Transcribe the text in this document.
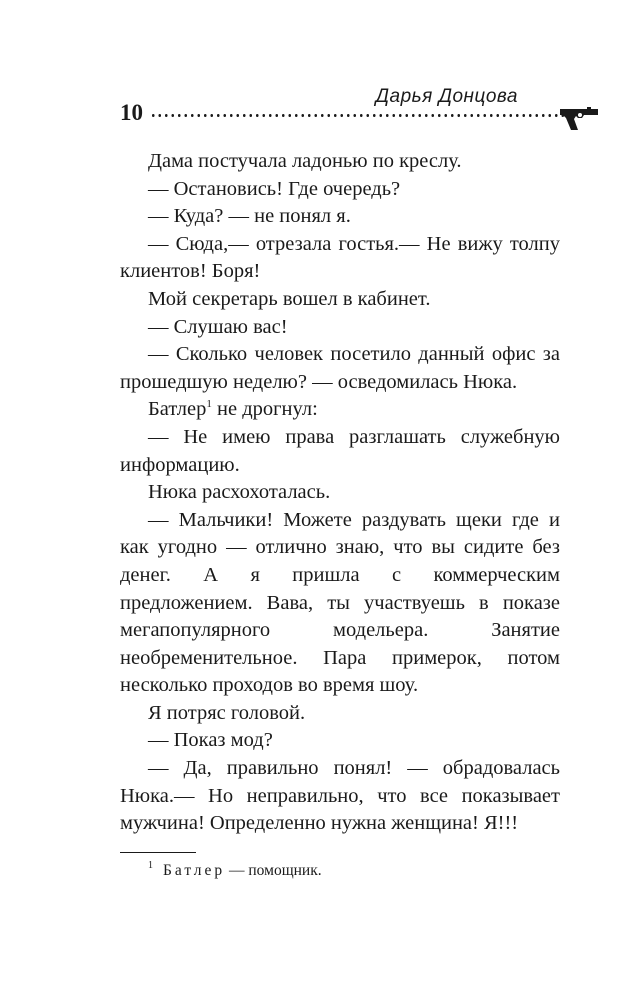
Дарья Донцова
10

Дама постучала ладонью по креслу.

— Остановись! Где очередь?

— Куда? — не понял я.

— Сюда,— отрезала гостья.— Не вижу толпу клиентов! Боря!

Мой секретарь вошел в кабинет.

— Слушаю вас!

— Сколько человек посетило данный офис за прошедшую неделю? — осведомилась Нюка.

Батлер$^1$ не дрогнул:

— Не имею права разглашать служебную информацию.

Нюка расхохоталась.

— Мальчики! Можете раздувать щеки где и как угодно — отлично знаю, что вы сидите без денег. А я пришла с коммерческим предложением. Вава, ты участвуешь в показе мегапопулярного модельера. Занятие необременительное. Пара примерок, потом несколько проходов во время шоу.

Я потряс головой.

— Показ мод?

— Да, правильно понял! — обрадовалась Нюка.— Но неправильно, что все показывает мужчина! Определенно нужна женщина! Я!!!

$^1$ Батлер — помощник.
